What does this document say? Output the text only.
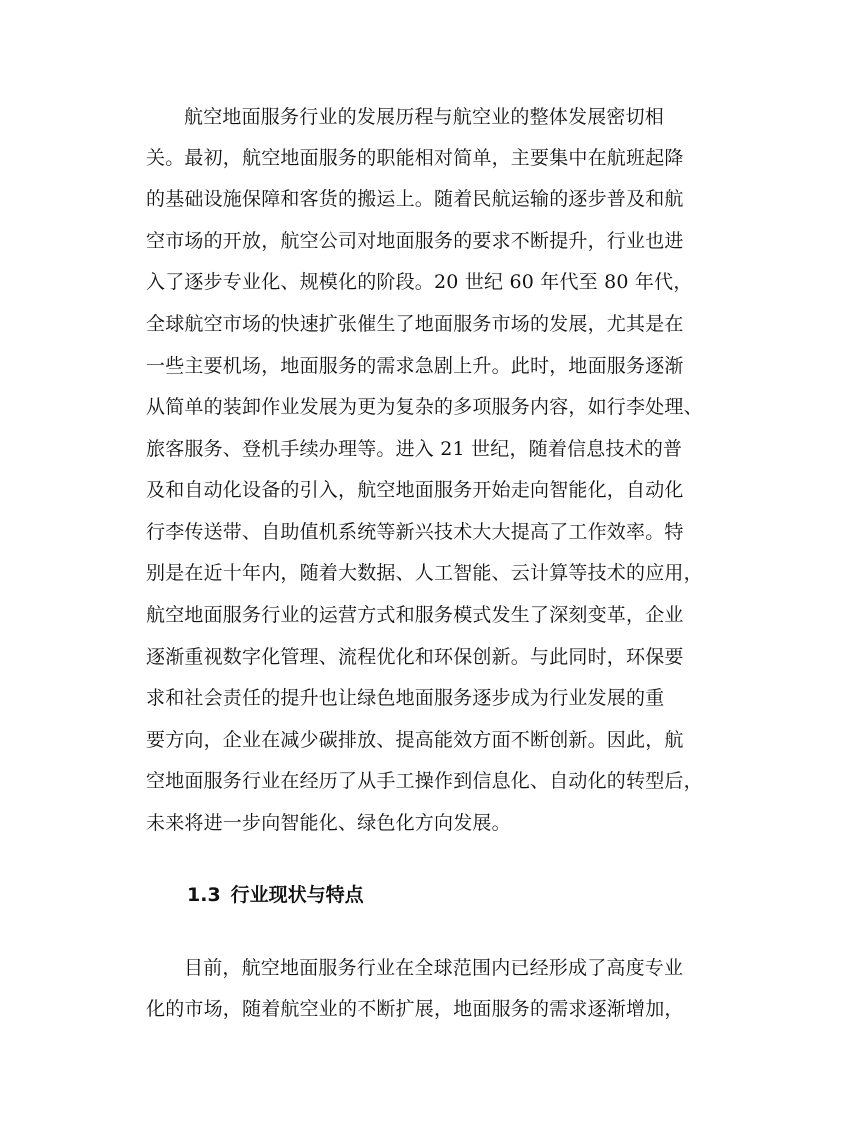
航空地面服务行业的发展历程与航空业的整体发展密切相
关。最初，航空地面服务的职能相对简单，主要集中在航班起降
的基础设施保障和客货的搬运上。随着民航运输的逐步普及和航
空市场的开放，航空公司对地面服务的要求不断提升，行业也进
入了逐步专业化、规模化的阶段。20 世纪 60 年代至 80 年代，
全球航空市场的快速扩张催生了地面服务市场的发展，尤其是在
一些主要机场，地面服务的需求急剧上升。此时，地面服务逐渐
从简单的装卸作业发展为更为复杂的多项服务内容，如行李处理、
旅客服务、登机手续办理等。进入 21 世纪，随着信息技术的普
及和自动化设备的引入，航空地面服务开始走向智能化，自动化
行李传送带、自助值机系统等新兴技术大大提高了工作效率。特
别是在近十年内，随着大数据、人工智能、云计算等技术的应用，
航空地面服务行业的运营方式和服务模式发生了深刻变革，企业
逐渐重视数字化管理、流程优化和环保创新。与此同时，环保要
求和社会责任的提升也让绿色地面服务逐步成为行业发展的重
要方向，企业在减少碳排放、提高能效方面不断创新。因此，航
空地面服务行业在经历了从手工操作到信息化、自动化的转型后，
未来将进一步向智能化、绿色化方向发展。
1.3 行业现状与特点
目前，航空地面服务行业在全球范围内已经形成了高度专业
化的市场，随着航空业的不断扩展，地面服务的需求逐渐增加，
